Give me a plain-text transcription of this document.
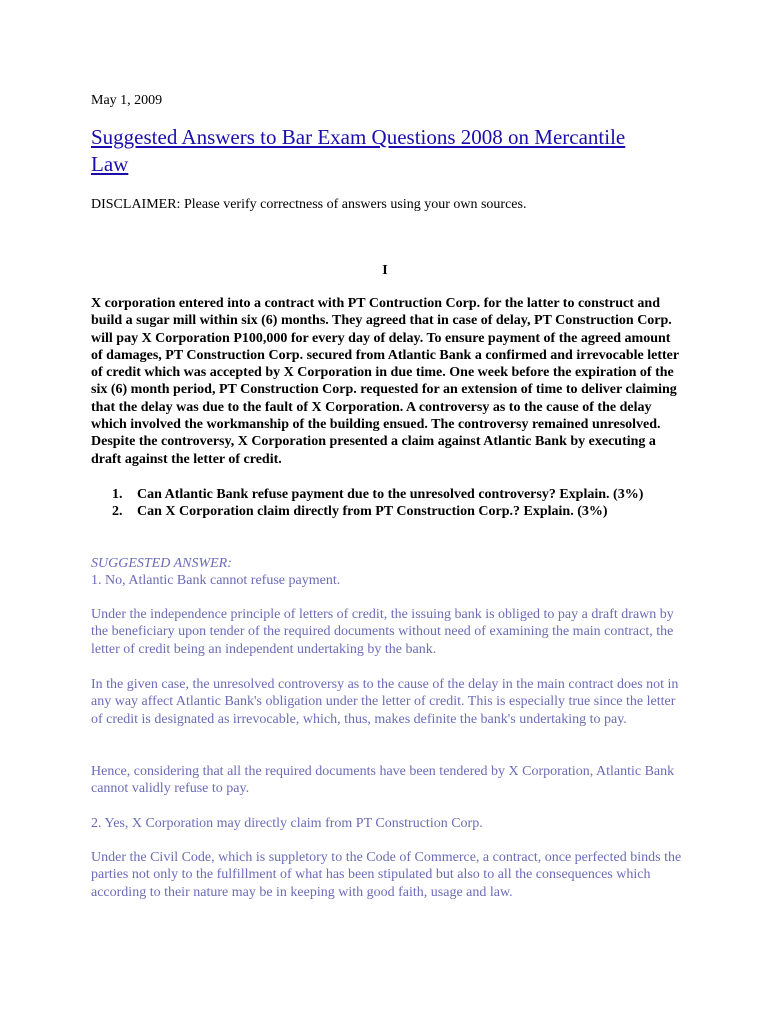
May 1, 2009
Suggested Answers to Bar Exam Questions 2008 on Mercantile Law
DISCLAIMER: Please verify correctness of answers using your own sources.
I
X corporation entered into a contract with PT Contruction Corp. for the latter to construct and build a sugar mill within six (6) months. They agreed that in case of delay, PT Construction Corp. will pay X Corporation P100,000 for every day of delay. To ensure payment of the agreed amount of damages, PT Construction Corp. secured from Atlantic Bank a confirmed and irrevocable letter of credit which was accepted by X Corporation in due time. One week before the expiration of the six (6) month period, PT Construction Corp. requested for an extension of time to deliver claiming that the delay was due to the fault of X Corporation. A controversy as to the cause of the delay which involved the workmanship of the building ensued. The controversy remained unresolved. Despite the controversy, X Corporation presented a claim against Atlantic Bank by executing a draft against the letter of credit.
1. Can Atlantic Bank refuse payment due to the unresolved controversy? Explain. (3%)
2. Can X Corporation claim directly from PT Construction Corp.? Explain. (3%)
SUGGESTED ANSWER:
1. No, Atlantic Bank cannot refuse payment.
Under the independence principle of letters of credit, the issuing bank is obliged to pay a draft drawn by the beneficiary upon tender of the required documents without need of examining the main contract, the letter of credit being an independent undertaking by the bank.
In the given case, the unresolved controversy as to the cause of the delay in the main contract does not in any way affect Atlantic Bank's obligation under the letter of credit. This is especially true since the letter of credit is designated as irrevocable, which, thus, makes definite the bank's undertaking to pay.
Hence, considering that all the required documents have been tendered by X Corporation, Atlantic Bank cannot validly refuse to pay.
2. Yes, X Corporation may directly claim from PT Construction Corp.
Under the Civil Code, which is suppletory to the Code of Commerce, a contract, once perfected binds the parties not only to the fulfillment of what has been stipulated but also to all the consequences which according to their nature may be in keeping with good faith, usage and law.
